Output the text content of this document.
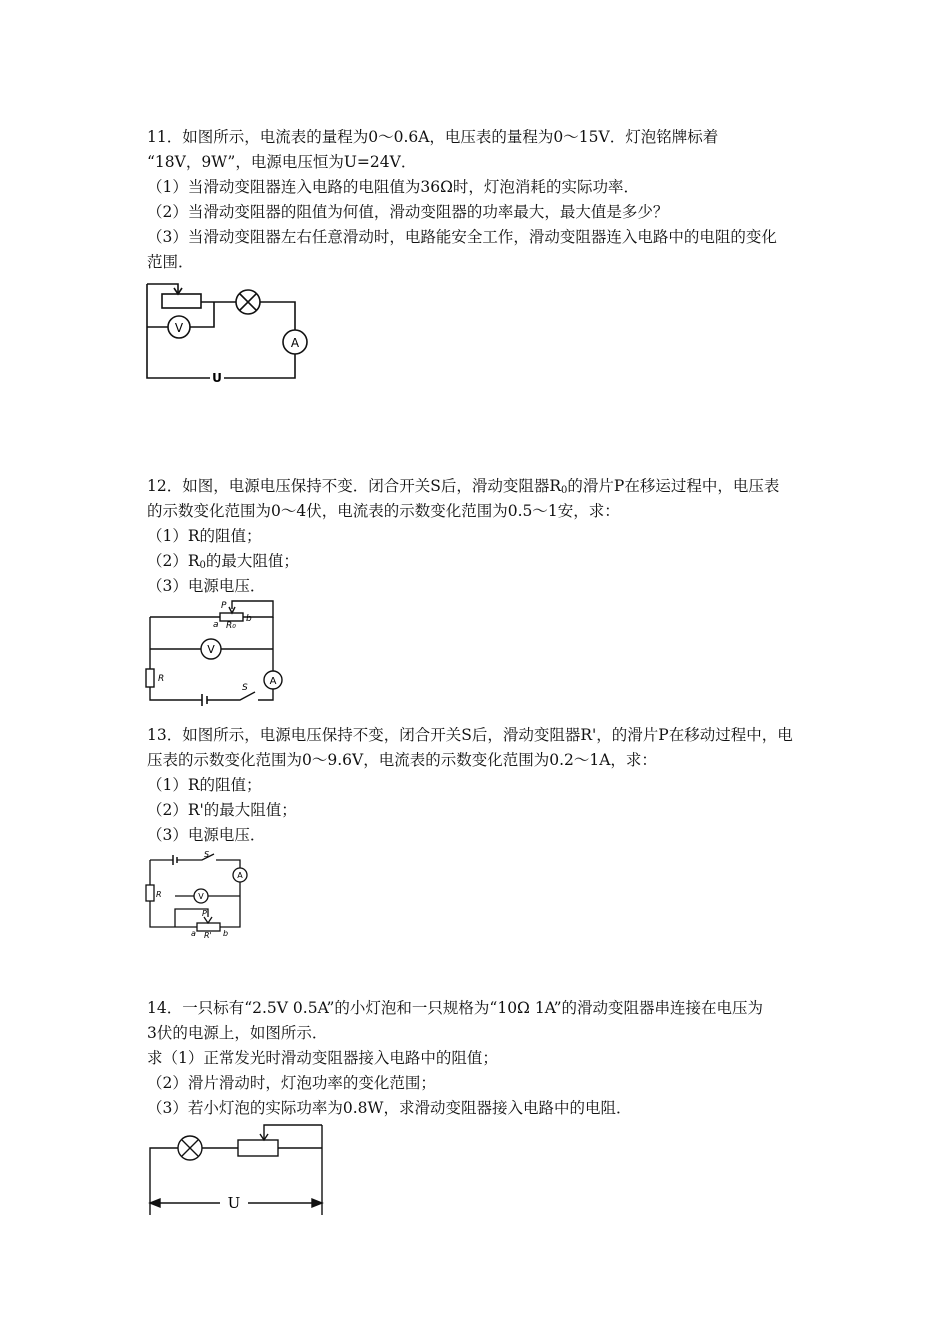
11．如图所示，电流表的量程为0～0.6A，电压表的量程为0～15V．灯泡铭牌标着
“18V，9W”，电源电压恒为U=24V．
（1）当滑动变阻器连入电路的电阻值为36Ω时，灯泡消耗的实际功率．
（2）当滑动变阻器的阻值为何值，滑动变阻器的功率最大，最大值是多少？
（3）当滑动变阻器左右任意滑动时，电路能安全工作，滑动变阻器连入电路中的电阻的变化
范围．
V
A
U
12．如图，电源电压保持不变．闭合开关S后，滑动变阻器$R_0$的滑片P在移运过程中，电压表
的示数变化范围为0～4伏，电流表的示数变化范围为0.5～1安，求：
（1）R的阻值；
$(2)R_0$的最大阻值；
（3）电源电压．
P
a R₀
b
R
S
V
A
13．如图所示，电源电压保持不变，闭合开关S后，滑动变阻器R'，的滑片P在移动过程中，电
压表的示数变化范围为0～9.6V，电流表的示数变化范围为0.2～1A，求：
（1）R的阻值；
（2）R'的最大阻值；
（3）电源电压．
S
R
P
a R' b
V
A
14．一只标有“2.5V 0.5A”的小灯泡和一只规格为“10Ω 1A”的滑动变阻器串连接在电压为
3伏的电源上，如图所示．
求（1）正常发光时滑动变阻器接入电路中的阻值；
（2）滑片滑动时，灯泡功率的变化范围；
（3）若小灯泡的实际功率为0.8W，求滑动变阻器接入电路中的电阻．
U
